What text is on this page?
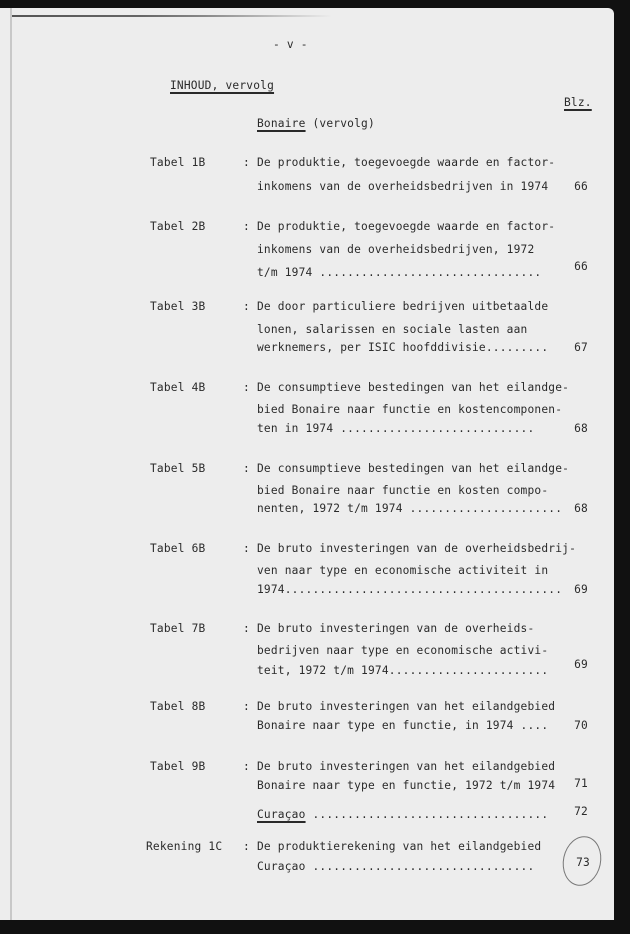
- v -
INHOUD, vervolg
Blz.
Bonaire (vervolg)
Tabel 1B	: De produktie, toegevoegde waarde en factor-
inkomens van de overheidsbedrijven in 1974	66
Tabel 2B	: De produktie, toegevoegde waarde en factor-
inkomens van de overheidsbedrijven, 1972
t/m 1974 ................................	66
Tabel 3B	: De door particuliere bedrijven uitbetaalde
lonen, salarissen en sociale lasten aan
werknemers, per ISIC hoofddivisie.........	67
Tabel 4B	: De consumptieve bestedingen van het eilandge-
bied Bonaire naar functie en kostencomponen-
ten in 1974 ............................	68
Tabel 5B	: De consumptieve bestedingen van het eilandge-
bied Bonaire naar functie en kosten compo-
nenten, 1972 t/m 1974 ......................	68
Tabel 6B	: De bruto investeringen van de overheidsbedrij-
ven naar type en economische activiteit in
1974........................................	69
Tabel 7B	: De bruto investeringen van de overheids-
bedrijven naar type en economische activi-
teit, 1972 t/m 1974.......................	69
Tabel 8B	: De bruto investeringen van het eilandgebied
Bonaire naar type en functie, in 1974 ....	70
Tabel 9B	: De bruto investeringen van het eilandgebied
Bonaire naar type en functie, 1972 t/m 1974	71
Curaçao ..................................	72
Rekening 1C : De produktierekening van het eilandgebied
Curaçao ................................	73
